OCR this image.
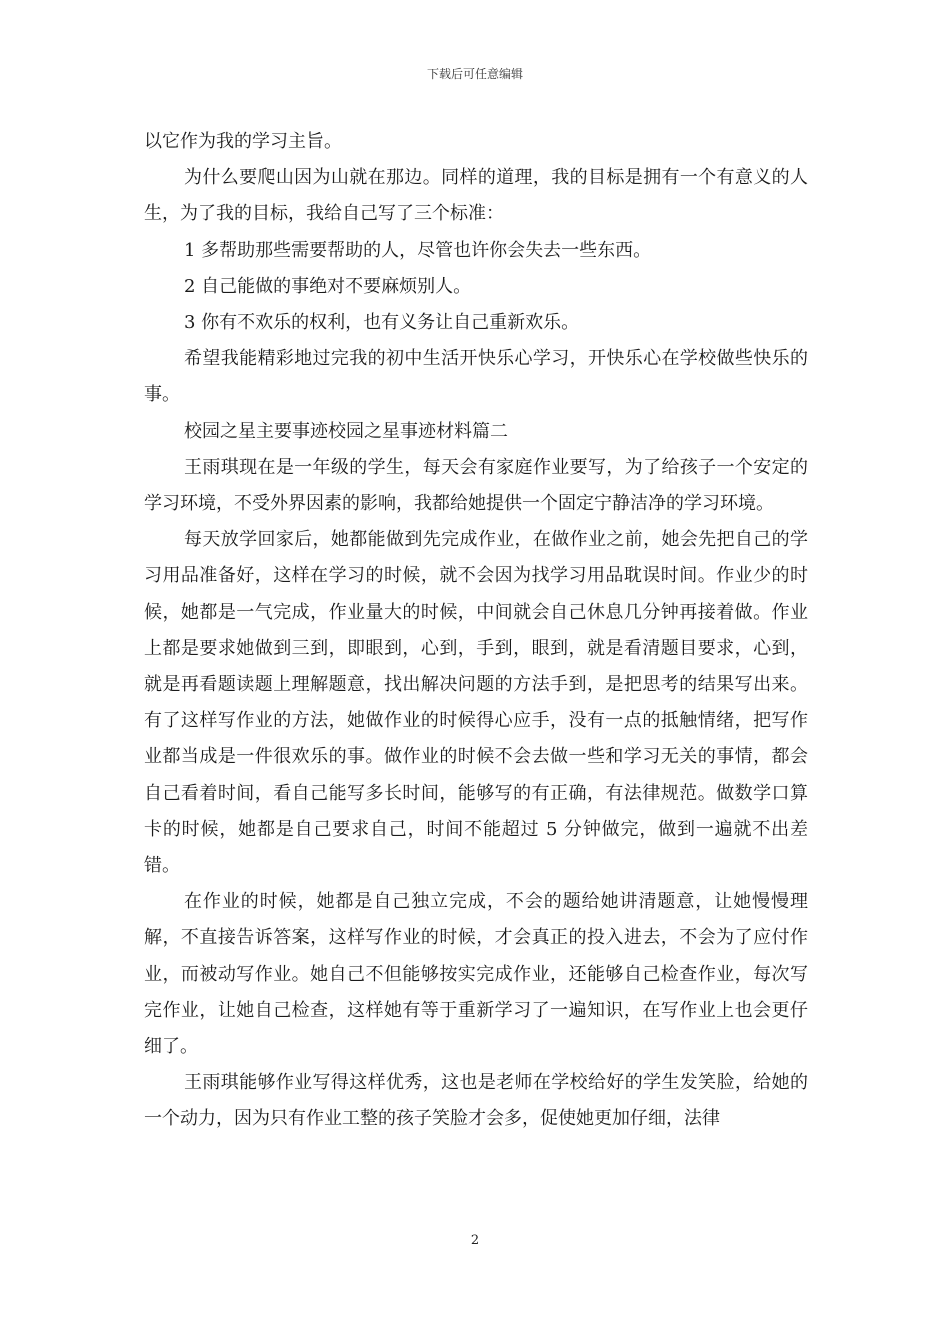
下载后可任意编辑

以它作为我的学习主旨。

为什么要爬山因为山就在那边。同样的道理，我的目标是拥有一个有意义的人生，为了我的目标，我给自己写了三个标准：

1 多帮助那些需要帮助的人，尽管也许你会失去一些东西。

2 自己能做的事绝对不要麻烦别人。

3 你有不欢乐的权利，也有义务让自己重新欢乐。

希望我能精彩地过完我的初中生活开快乐心学习，开快乐心在学校做些快乐的事。

校园之星主要事迹校园之星事迹材料篇二

王雨琪现在是一年级的学生，每天会有家庭作业要写，为了给孩子一个安定的学习环境，不受外界因素的影响，我都给她提供一个固定宁静洁净的学习环境。

每天放学回家后，她都能做到先完成作业，在做作业之前，她会先把自己的学习用品准备好，这样在学习的时候，就不会因为找学习用品耽误时间。作业少的时候，她都是一气完成，作业量大的时候，中间就会自己休息几分钟再接着做。作业上都是要求她做到三到，即眼到，心到，手到，眼到，就是看清题目要求，心到，就是再看题读题上理解题意，找出解决问题的方法手到，是把思考的结果写出来。有了这样写作业的方法，她做作业的时候得心应手，没有一点的抵触情绪，把写作业都当成是一件很欢乐的事。做作业的时候不会去做一些和学习无关的事情，都会自己看着时间，看自己能写多长时间，能够写的有正确，有法律规范。做数学口算卡的时候，她都是自己要求自己，时间不能超过 5 分钟做完，做到一遍就不出差错。

在作业的时候，她都是自己独立完成，不会的题给她讲清题意，让她慢慢理解，不直接告诉答案，这样写作业的时候，才会真正的投入进去，不会为了应付作业，而被动写作业。她自己不但能够按实完成作业，还能够自己检查作业，每次写完作业，让她自己检查，这样她有等于重新学习了一遍知识，在写作业上也会更仔细了。

王雨琪能够作业写得这样优秀，这也是老师在学校给好的学生发笑脸，给她的一个动力，因为只有作业工整的孩子笑脸才会多，促使她更加仔细，法律

2
